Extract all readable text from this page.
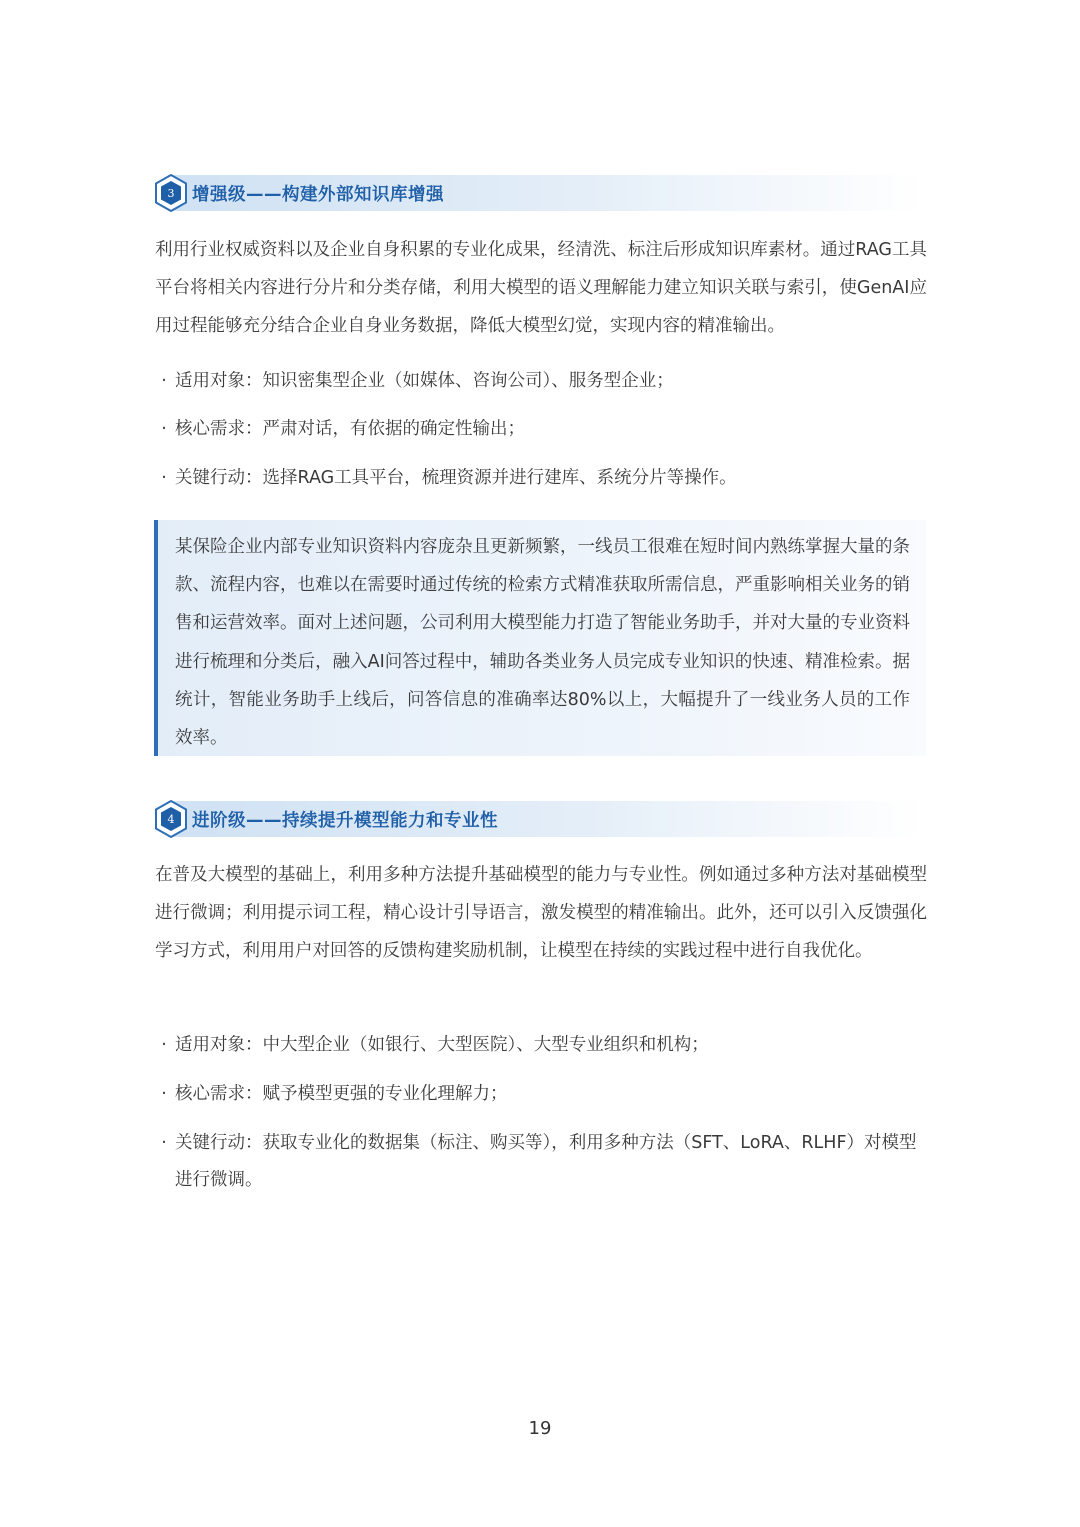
3	增强级——构建外部知识库增强

利用行业权威资料以及企业自身积累的专业化成果，经清洗、标注后形成知识库素材。通过RAG工具平台将相关内容进行分片和分类存储，利用大模型的语义理解能力建立知识关联与索引，使GenAI应用过程能够充分结合企业自身业务数据，降低大模型幻觉，实现内容的精准输出。

· 适用对象：知识密集型企业（如媒体、咨询公司）、服务型企业；
· 核心需求：严肃对话，有依据的确定性输出；
· 关键行动：选择RAG工具平台，梳理资源并进行建库、系统分片等操作。

某保险企业内部专业知识资料内容庞杂且更新频繁，一线员工很难在短时间内熟练掌握大量的条款、流程内容，也难以在需要时通过传统的检索方式精准获取所需信息，严重影响相关业务的销售和运营效率。面对上述问题，公司利用大模型能力打造了智能业务助手，并对大量的专业资料进行梳理和分类后，融入AI问答过程中，辅助各类业务人员完成专业知识的快速、精准检索。据统计，智能业务助手上线后，问答信息的准确率达80%以上，大幅提升了一线业务人员的工作效率。

4	进阶级——持续提升模型能力和专业性

在普及大模型的基础上，利用多种方法提升基础模型的能力与专业性。例如通过多种方法对基础模型进行微调；利用提示词工程，精心设计引导语言，激发模型的精准输出。此外，还可以引入反馈强化学习方式，利用用户对回答的反馈构建奖励机制，让模型在持续的实践过程中进行自我优化。

· 适用对象：中大型企业（如银行、大型医院）、大型专业组织和机构；
· 核心需求：赋予模型更强的专业化理解力；
· 关键行动：获取专业化的数据集（标注、购买等），利用多种方法（SFT、LoRA、RLHF）对模型进行微调。
19
